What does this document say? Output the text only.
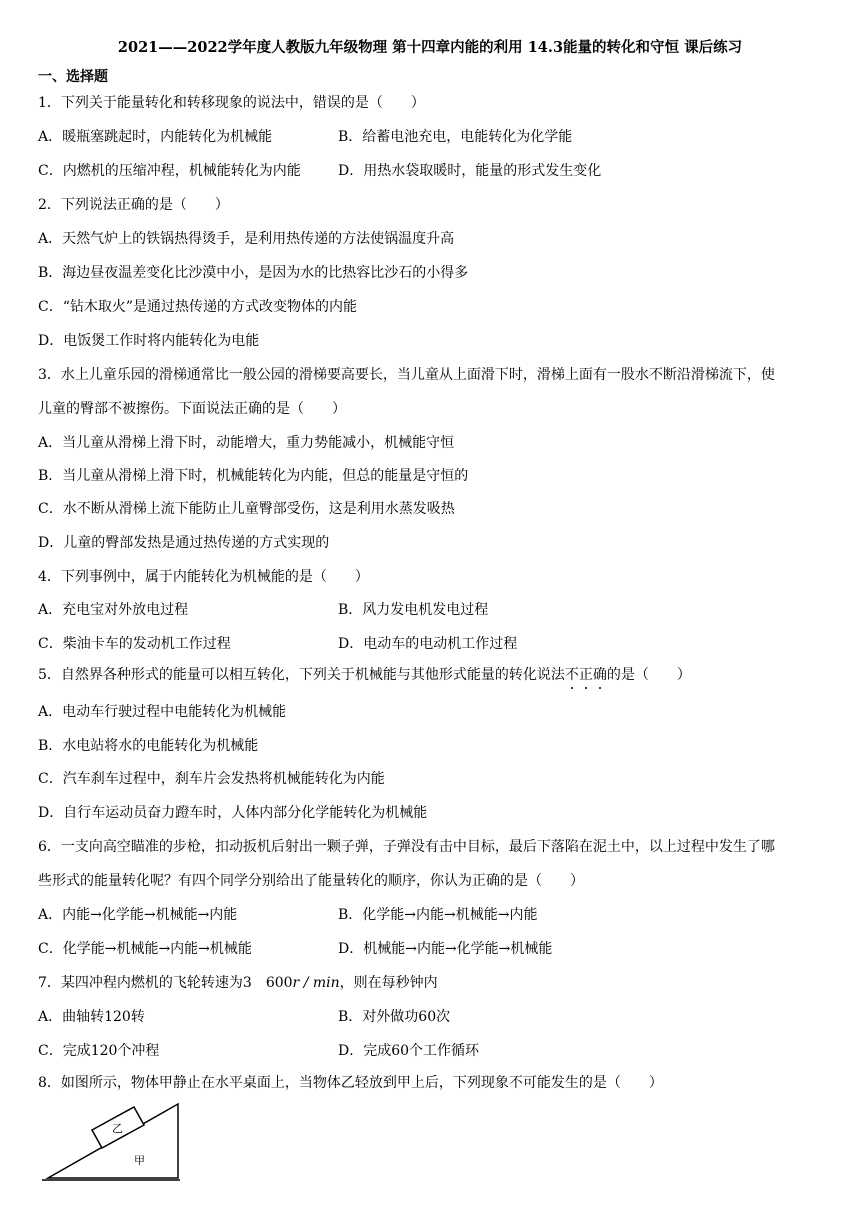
2021——2022学年度人教版九年级物理 第十四章内能的利用 14.3能量的转化和守恒 课后练习
一、选择题
1．下列关于能量转化和转移现象的说法中，错误的是（　　）
A．暖瓶塞跳起时，内能转化为机械能	B．给蓄电池充电，电能转化为化学能
C．内燃机的压缩冲程，机械能转化为内能	D．用热水袋取暖时，能量的形式发生变化
2．下列说法正确的是（　　）
A．天然气炉上的铁锅热得烫手，是利用热传递的方法使锅温度升高
B．海边昼夜温差变化比沙漠中小，是因为水的比热容比沙石的小得多
C．“钻木取火”是通过热传递的方式改变物体的内能
D．电饭煲工作时将内能转化为电能
3．水上儿童乐园的滑梯通常比一般公园的滑梯要高要长，当儿童从上面滑下时，滑梯上面有一股水不断沿滑梯流下，使
儿童的臀部不被擦伤。下面说法正确的是（　　）
A．当儿童从滑梯上滑下时，动能增大，重力势能减小，机械能守恒
B．当儿童从滑梯上滑下时，机械能转化为内能，但总的能量是守恒的
C．水不断从滑梯上流下能防止儿童臀部受伤，这是利用水蒸发吸热
D．儿童的臀部发热是通过热传递的方式实现的
4．下列事例中，属于内能转化为机械能的是（　　）
A．充电宝对外放电过程	B．风力发电机发电过程
C．柴油卡车的发动机工作过程	D．电动车的电动机工作过程
5．自然界各种形式的能量可以相互转化，下列关于机械能与其他形式能量的转化说法不正确
的是（　　）
A．电动车行驶过程中电能转化为机械能
B．水电站将水的电能转化为机械能
C．汽车刹车过程中，刹车片会发热将机械能转化为内能
D．自行车运动员奋力蹬车时，人体内部分化学能转化为机械能
6．一支向高空瞄准的步枪，扣动扳机后射出一颗子弹，子弹没有击中目标，最后下落陷在泥土中，以上过程中发生了哪
些形式的能量转化呢？有四个同学分别给出了能量转化的顺序，你认为正确的是（　　）
A．内能→化学能→机械能→内能	B．化学能→内能→机械能→内能
C．化学能→机械能→内能→机械能	D．机械能→内能→化学能→机械能
7．某四冲程内燃机的飞轮转速为3　600r / min，则在每秒钟内
A．曲轴转120转	B．对外做功60次
C．完成120个冲程	D．完成60个工作循环
8．如图所示，物体甲静止在水平桌面上，当物体乙轻放到甲上后，下列现象不可能发生的是（　　）
乙
甲
